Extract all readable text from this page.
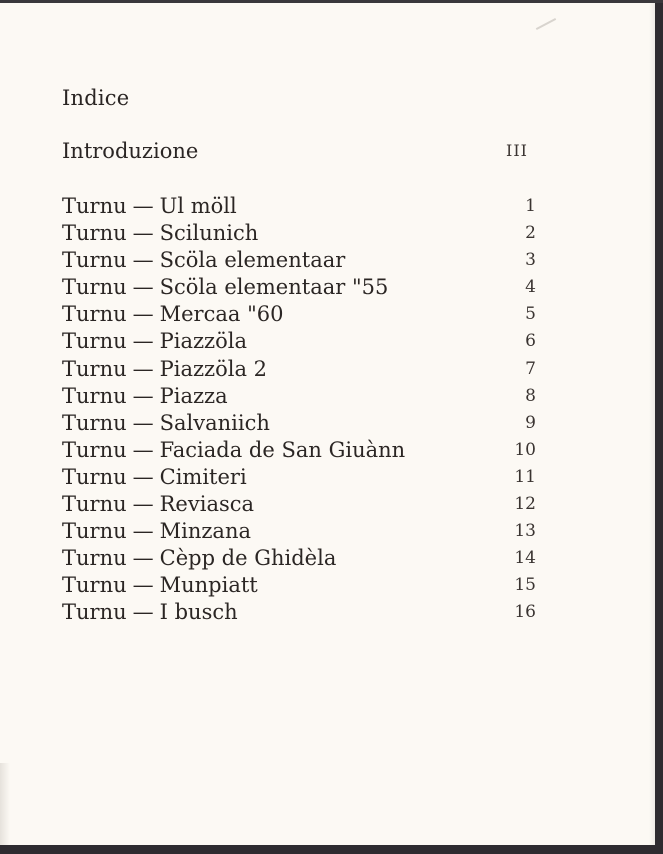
Indice
Introduzione	III
Turnu — Ul möll	1
Turnu — Scilunich	2
Turnu — Scöla elementaar	3
Turnu — Scöla elementaar "55	4
Turnu — Mercaa "60	5
Turnu — Piazzöla	6
Turnu — Piazzöla 2	7
Turnu — Piazza	8
Turnu — Salvaniich	9
Turnu — Faciada de San Giuànn	10
Turnu — Cimiteri	11
Turnu — Reviasca	12
Turnu — Minzana	13
Turnu — Cèpp de Ghidèla	14
Turnu — Munpiatt	15
Turnu — I busch	16
